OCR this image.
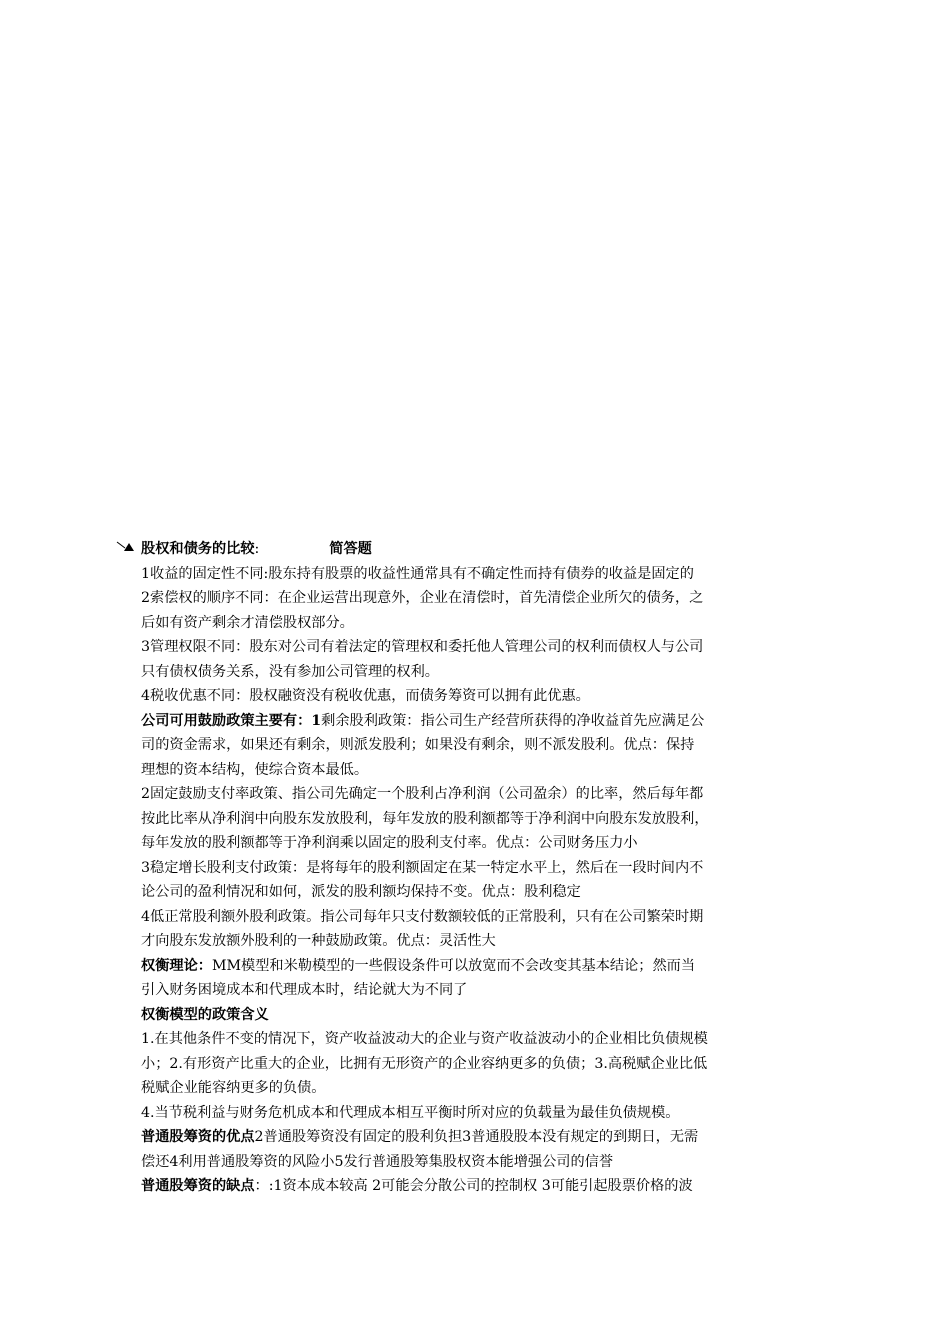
股权和债务的比较:	简答题
1收益的固定性不同:股东持有股票的收益性通常具有不确定性而持有债券的收益是固定的
2索偿权的顺序不同：在企业运营出现意外，企业在清偿时，首先清偿企业所欠的债务，之
后如有资产剩余才清偿股权部分。
3管理权限不同：股东对公司有着法定的管理权和委托他人管理公司的权利而债权人与公司
只有债权债务关系，没有参加公司管理的权利。
4税收优惠不同：股权融资没有税收优惠，而债务筹资可以拥有此优惠。
公司可用鼓励政策主要有：1剩余股利政策：指公司生产经营所获得的净收益首先应满足公
司的资金需求，如果还有剩余，则派发股利；如果没有剩余，则不派发股利。优点：保持
理想的资本结构，使综合资本最低。
2固定鼓励支付率政策、指公司先确定一个股利占净利润（公司盈余）的比率，然后每年都
按此比率从净利润中向股东发放股利，每年发放的股利额都等于净利润中向股东发放股利，
每年发放的股利额都等于净利润乘以固定的股利支付率。优点：公司财务压力小
3稳定增长股利支付政策：是将每年的股利额固定在某一特定水平上，然后在一段时间内不
论公司的盈利情况和如何，派发的股利额均保持不变。优点：股利稳定
4低正常股利额外股利政策。指公司每年只支付数额较低的正常股利，只有在公司繁荣时期
才向股东发放额外股利的一种鼓励政策。优点：灵活性大
权衡理论：MM模型和米勒模型的一些假设条件可以放宽而不会改变其基本结论；然而当
引入财务困境成本和代理成本时，结论就大为不同了
权衡模型的政策含义
1.在其他条件不变的情况下，资产收益波动大的企业与资产收益波动小的企业相比负债规模
小；2.有形资产比重大的企业，比拥有无形资产的企业容纳更多的负债；3.高税赋企业比低
税赋企业能容纳更多的负债。
4.当节税利益与财务危机成本和代理成本相互平衡时所对应的负载量为最佳负债规模。
普通股筹资的优点2普通股筹资没有固定的股利负担3普通股股本没有规定的到期日，无需
偿还4利用普通股筹资的风险小5发行普通股筹集股权资本能增强公司的信誉
普通股筹资的缺点：:1资本成本较高 2可能会分散公司的控制权 3可能引起股票价格的波
